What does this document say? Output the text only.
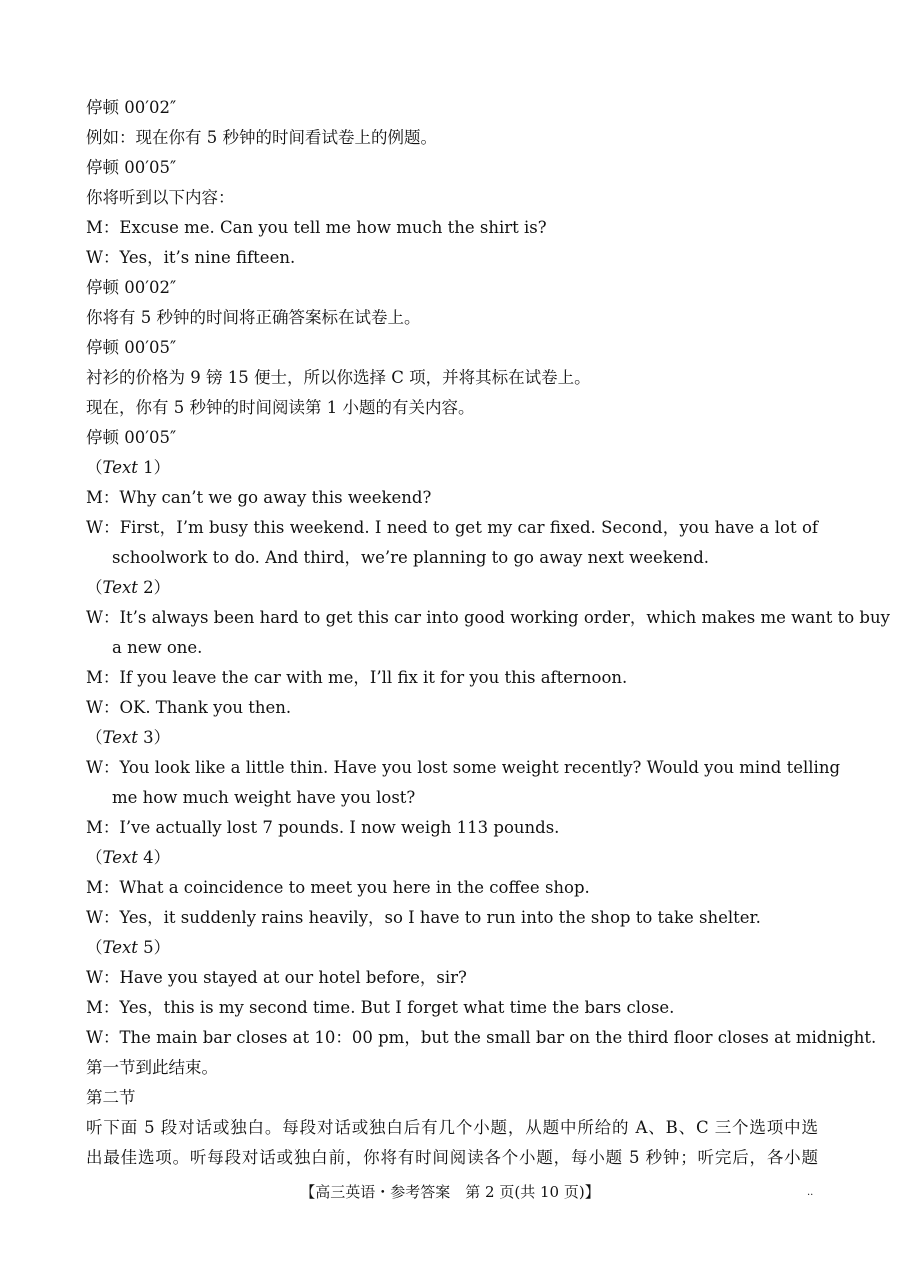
停顿 00′02″
例如：现在你有 5 秒钟的时间看试卷上的例题。
停顿 00′05″
你将听到以下内容：
M：Excuse me. Can you tell me how much the shirt is?
W：Yes，it’s nine fifteen.
停顿 00′02″
你将有 5 秒钟的时间将正确答案标在试卷上。
停顿 00′05″
衬衫的价格为 9 镑 15 便士，所以你选择 C 项，并将其标在试卷上。
现在，你有 5 秒钟的时间阅读第 1 小题的有关内容。
停顿 00′05″
（Text 1）
M：Why can’t we go away this weekend?
W：First，I’m busy this weekend. I need to get my car fixed. Second，you have a lot of
schoolwork to do. And third，we’re planning to go away next weekend.
（Text 2）
W：It’s always been hard to get this car into good working order，which makes me want to buy
a new one.
M：If you leave the car with me，I’ll fix it for you this afternoon.
W：OK. Thank you then.
（Text 3）
W：You look like a little thin. Have you lost some weight recently? Would you mind telling
me how much weight have you lost?
M：I’ve actually lost 7 pounds. I now weigh 113 pounds.
（Text 4）
M：What a coincidence to meet you here in the coffee shop.
W：Yes，it suddenly rains heavily，so I have to run into the shop to take shelter.
（Text 5）
W：Have you stayed at our hotel before，sir?
M：Yes，this is my second time. But I forget what time the bars close.
W：The main bar closes at 10：00 pm，but the small bar on the third floor closes at midnight.
第一节到此结束。
第二节
听下面 5 段对话或独白。每段对话或独白后有几个小题，从题中所给的 A、B、C 三个选项中选
出最佳选项。听每段对话或独白前，你将有时间阅读各个小题，每小题 5 秒钟；听完后，各小题
【高三英语・参考答案　第 2 页(共 10 页)】	..
